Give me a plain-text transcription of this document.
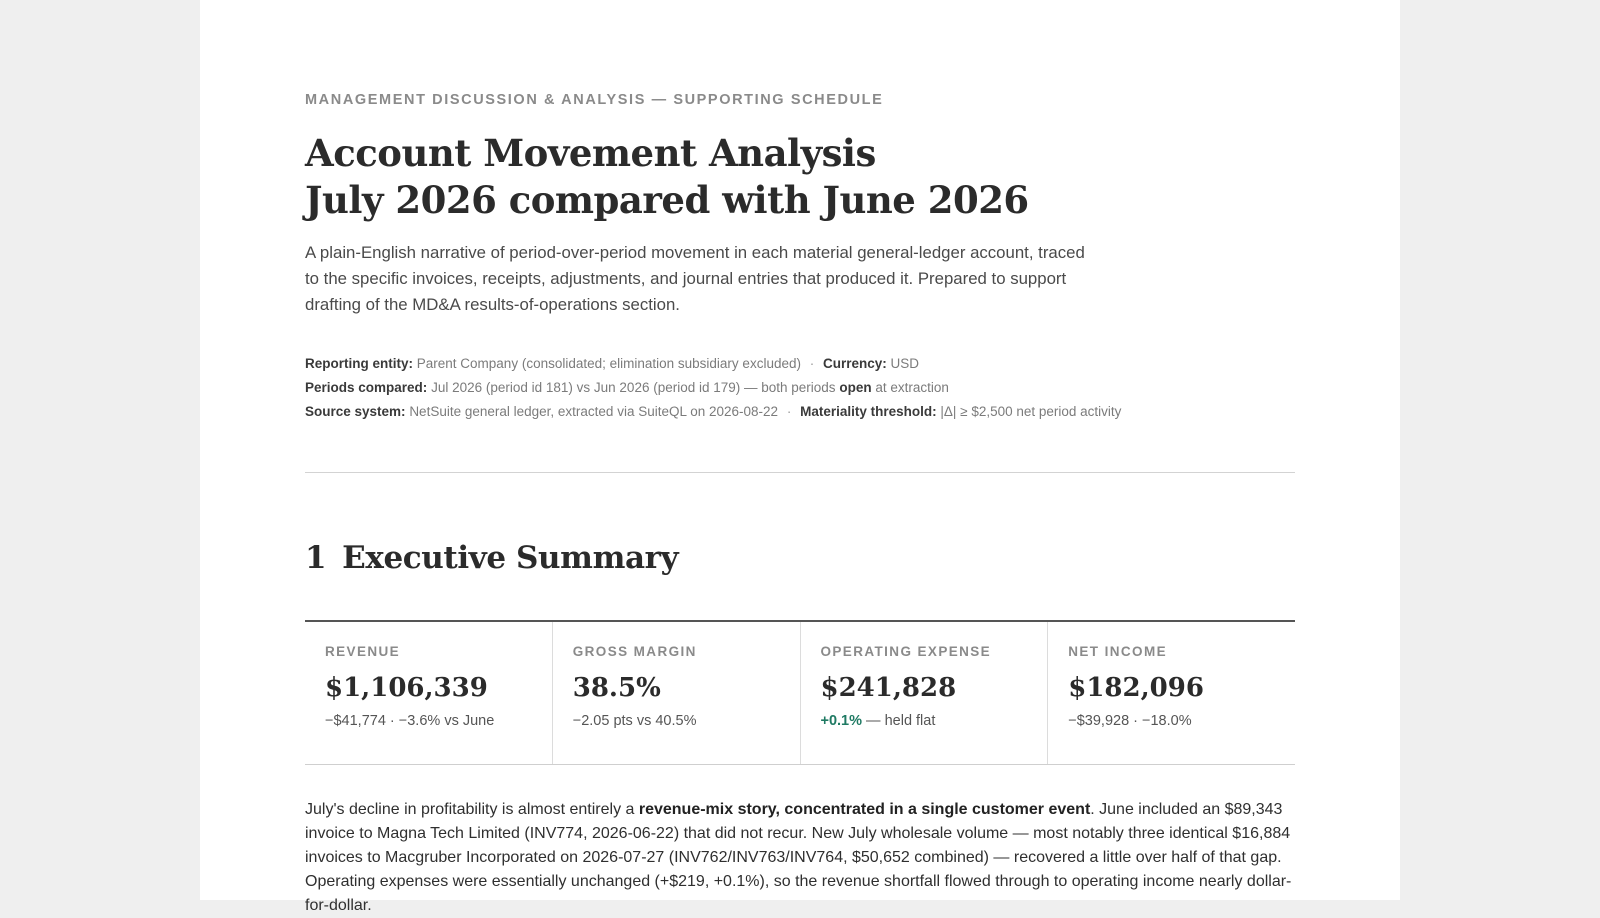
MANAGEMENT DISCUSSION & ANALYSIS — SUPPORTING SCHEDULE
Account Movement Analysis
July 2026 compared with June 2026

A plain-English narrative of period-over-period movement in each material general-ledger account, traced to the specific invoices, receipts, adjustments, and journal entries that produced it. Prepared to support drafting of the MD&A results-of-operations section.

Reporting entity: Parent Company (consolidated; elimination subsidiary excluded) · Currency: USD
Periods compared: Jul 2026 (period id 181) vs Jun 2026 (period id 179) — both periods open at extraction
Source system: NetSuite general ledger, extracted via SuiteQL on 2026-08-22 · Materiality threshold: |Δ| ≥ $2,500 net period activity
1 Executive Summary
REVENUE
$1,106,339
−$41,774 · −3.6% vs June
GROSS MARGIN
38.5%
−2.05 pts vs 40.5%
OPERATING EXPENSE
$241,828
+0.1% — held flat
NET INCOME
$182,096
−$39,928 · −18.0%

July's decline in profitability is almost entirely a revenue-mix story, concentrated in a single customer event. June included an $89,343 invoice to Magna Tech Limited (INV774, 2026-06-22) that did not recur. New July wholesale volume — most notably three identical $16,884 invoices to Macgruber Incorporated on 2026-07-27 (INV762/INV763/INV764, $50,652 combined) — recovered a little over half of that gap. Operating expenses were essentially unchanged (+$219, +0.1%), so the revenue shortfall flowed through to operating income nearly dollar-for-dollar.
